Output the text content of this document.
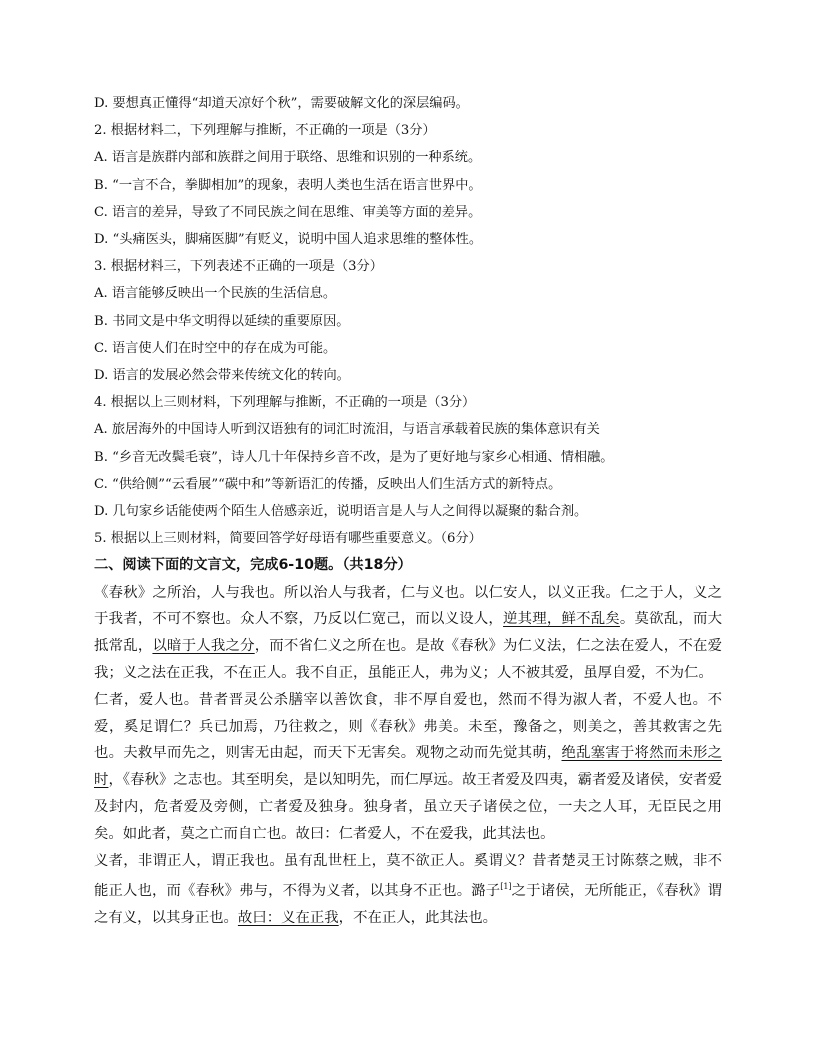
D. 要想真正懂得“却道天凉好个秋”，需要破解文化的深层编码。

2. 根据材料二，下列理解与推断，不正确的一项是（3分）

A. 语言是族群内部和族群之间用于联络、思维和识别的一种系统。

B. “一言不合，拳脚相加”的现象，表明人类也生活在语言世界中。

C. 语言的差异，导致了不同民族之间在思维、审美等方面的差异。

D. “头痛医头，脚痛医脚”有贬义，说明中国人追求思维的整体性。

3. 根据材料三，下列表述不正确的一项是（3分）

A. 语言能够反映出一个民族的生活信息。

B. 书同文是中华文明得以延续的重要原因。

C. 语言使人们在时空中的存在成为可能。

D. 语言的发展必然会带来传统文化的转向。

4. 根据以上三则材料，下列理解与推断，不正确的一项是（3分）

A. 旅居海外的中国诗人听到汉语独有的词汇时流泪，与语言承载着民族的集体意识有关

B. “乡音无改鬓毛衰”，诗人几十年保持乡音不改，是为了更好地与家乡心相通、情相融。

C. “供给侧”“云看展”“碳中和”等新语汇的传播，反映出人们生活方式的新特点。

D. 几句家乡话能使两个陌生人倍感亲近，说明语言是人与人之间得以凝聚的黏合剂。

5. 根据以上三则材料，简要回答学好母语有哪些重要意义。（6分）

二、阅读下面的文言文，完成6-10题。（共18分）

《春秋》之所治，人与我也。所以治人与我者，仁与义也。以仁安人，以义正我。仁之于人，义之于我者，不可不察也。众人不察，乃反以仁宽己，而以义设人，逆其理，鲜不乱矣。莫欲乱，而大抵常乱，以暗于人我之分，而不省仁义之所在也。是故《春秋》为仁义法，仁之法在爱人，不在爱我；义之法在正我，不在正人。我不自正，虽能正人，弗为义；人不被其爱，虽厚自爱，不为仁。

仁者，爱人也。昔者晋灵公杀膳宰以善饮食，非不厚自爱也，然而不得为淑人者，不爱人也。不爱，奚足谓仁？兵已加焉，乃往救之，则《春秋》弗美。未至，豫备之，则美之，善其救害之先也。夫救早而先之，则害无由起，而天下无害矣。观物之动而先觉其萌，绝乱塞害于将然而未形之时，《春秋》之志也。其至明矣，是以知明先，而仁厚远。故王者爱及四夷，霸者爱及诸侯，安者爱及封内，危者爱及旁侧，亡者爱及独身。独身者，虽立天子诸侯之位，一夫之人耳，无臣民之用矣。如此者，莫之亡而自亡也。故曰：仁者爱人，不在爱我，此其法也。

义者，非谓正人，谓正我也。虽有乱世枉上，莫不欲正人。奚谓义？昔者楚灵王讨陈蔡之贼，非不能正人也，而《春秋》弗与，不得为义者，以其身不正也。潞子[1]之于诸侯，无所能正，《春秋》谓之有义，以其身正也。故曰：义在正我，不在正人，此其法也。
